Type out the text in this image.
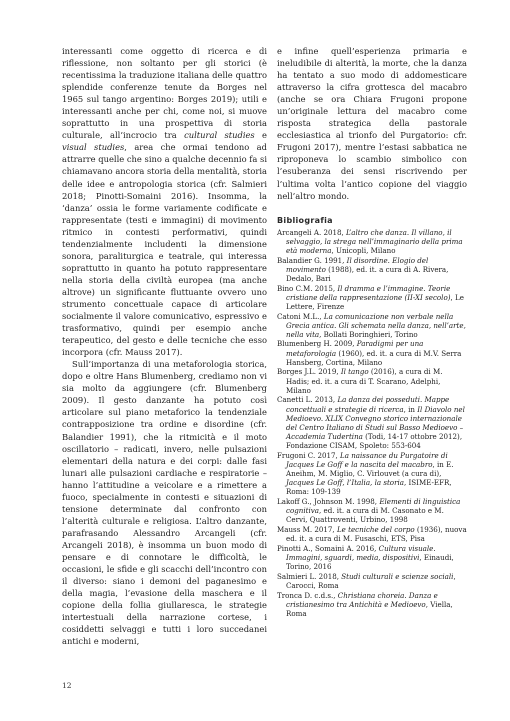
interessanti come oggetto di ricerca e di riflessione, non soltanto per gli storici (è recentissima la traduzione italiana delle quattro splendide conferenze tenute da Borges nel 1965 sul tango argentino: Borges 2019); utili e interessanti anche per chi, come noi, si muove soprattutto in una prospettiva di storia culturale, all’incrocio tra cultural studies e visual studies, area che ormai tendono ad attrarre quelle che sino a qualche decennio fa si chiamavano ancora storia della mentalità, storia delle idee e antropologia storica (cfr. Salmieri 2018; Pinotti-Somaini 2016). Insomma, la ‘danza’ ossia le forme variamente codificate e rappresentate (testi e immagini) di movimento ritmico in contesti performativi, quindi tendenzialmente includenti la dimensione sonora, paraliturgica e teatrale, qui interessa soprattutto in quanto ha potuto rappresentare nella storia della civiltà europea (ma anche altrove) un significante fluttuante ovvero uno strumento concettuale capace di articolare socialmente il valore comunicativo, espressivo e trasformativo, quindi per esempio anche terapeutico, del gesto e delle tecniche che esso incorpora (cfr. Mauss 2017).

Sull’importanza di una metaforologia storica, dopo e oltre Hans Blumenberg, crediamo non vi sia molto da aggiungere (cfr. Blumenberg 2009). Il gesto danzante ha potuto così articolare sul piano metaforico la tendenziale contrapposizione tra ordine e disordine (cfr. Balandier 1991), che la ritmicità e il moto oscillatorio – radicati, invero, nelle pulsazioni elementari della natura e dei corpi: dalle fasi lunari alle pulsazioni cardiache e respiratorie – hanno l’attitudine a veicolare e a rimettere a fuoco, specialmente in contesti e situazioni di tensione determinate dal confronto con l’alterità culturale e religiosa. L’altro danzante, parafrasando Alessandro Arcangeli (cfr. Arcangeli 2018), è insomma un buon modo di pensare e di connotare le difficoltà, le occasioni, le sfide e gli scacchi dell’incontro con il diverso: siano i demoni del paganesimo e della magia, l’evasione della maschera e il copione della follia giullaresca, le strategie intertestuali della narrazione cortese, i cosiddetti selvaggi e tutti i loro succedanei antichi e moderni,

e infine quell’esperienza primaria e ineludibile di alterità, la morte, che la danza ha tentato a suo modo di addomesticare attraverso la cifra grottesca del macabro (anche se ora Chiara Frugoni propone un’originale lettura del macabro come risposta strategica della pastorale ecclesiastica al trionfo del Purgatorio: cfr. Frugoni 2017), mentre l’estasi sabbatica ne riproponeva lo scambio simbolico con l’esuberanza dei sensi riscrivendo per l’ultima volta l’antico copione del viaggio nell’altro mondo.

Bibliografia
Arcangeli A. 2018, L’altro che danza. Il villano, il selvaggio, la strega nell’immaginario della prima età moderna, Unicopli, Milano
Balandier G. 1991, Il disordine. Elogio del movimento (1988), ed. it. a cura di A. Rivera, Dedalo, Bari
Bino C.M. 2015, Il dramma e l’immagine. Teorie cristiane della rappresentazione (II-XI secolo), Le Lettere, Firenze
Catoni M.L., La comunicazione non verbale nella Grecia antica. Gli schemata nella danza, nell’arte, nella vita, Bollati Boringhieri, Torino
Blumenberg H. 2009, Paradigmi per una metaforologia (1960), ed. it. a cura di M.V. Serra Hansberg, Cortina, Milano
Borges J.L. 2019, Il tango (2016), a cura di M. Hadis; ed. it. a cura di T. Scarano, Adelphi, Milano
Canetti L. 2013, La danza dei posseduti. Mappe concettuali e strategie di ricerca, in Il Diavolo nel Medioevo. XLIX Convegno storico internazionale del Centro Italiano di Studi sul Basso Medioevo – Accademia Tudertina (Todi, 14-17 ottobre 2012), Fondazione CISAM, Spoleto: 553-604
Frugoni C. 2017, La naissance du Purgatoire di Jacques Le Goff e la nascita del macabro, in E. Aneihm, M. Miglio, C. Virlouvet (a cura di), Jacques Le Goff, l’Italia, la storia, ISIME-EFR, Roma: 109-139
Lakoff G., Johnson M. 1998, Elementi di linguistica cognitiva, ed. it. a cura di M. Casonato e M. Cervi, Quattroventi, Urbino, 1998
Mauss M. 2017, Le tecniche del corpo (1936), nuova ed. it. a cura di M. Fusaschi, ETS, Pisa
Pinotti A., Somaini A. 2016, Cultura visuale. Immagini, sguardi, media, dispositivi, Einaudi, Torino, 2016
Salmieri L. 2018, Studi culturali e scienze sociali, Carocci, Roma
Tronca D. c.d.s., Christiana choreia. Danza e cristianesimo tra Antichità e Medioevo, Viella, Roma
12
